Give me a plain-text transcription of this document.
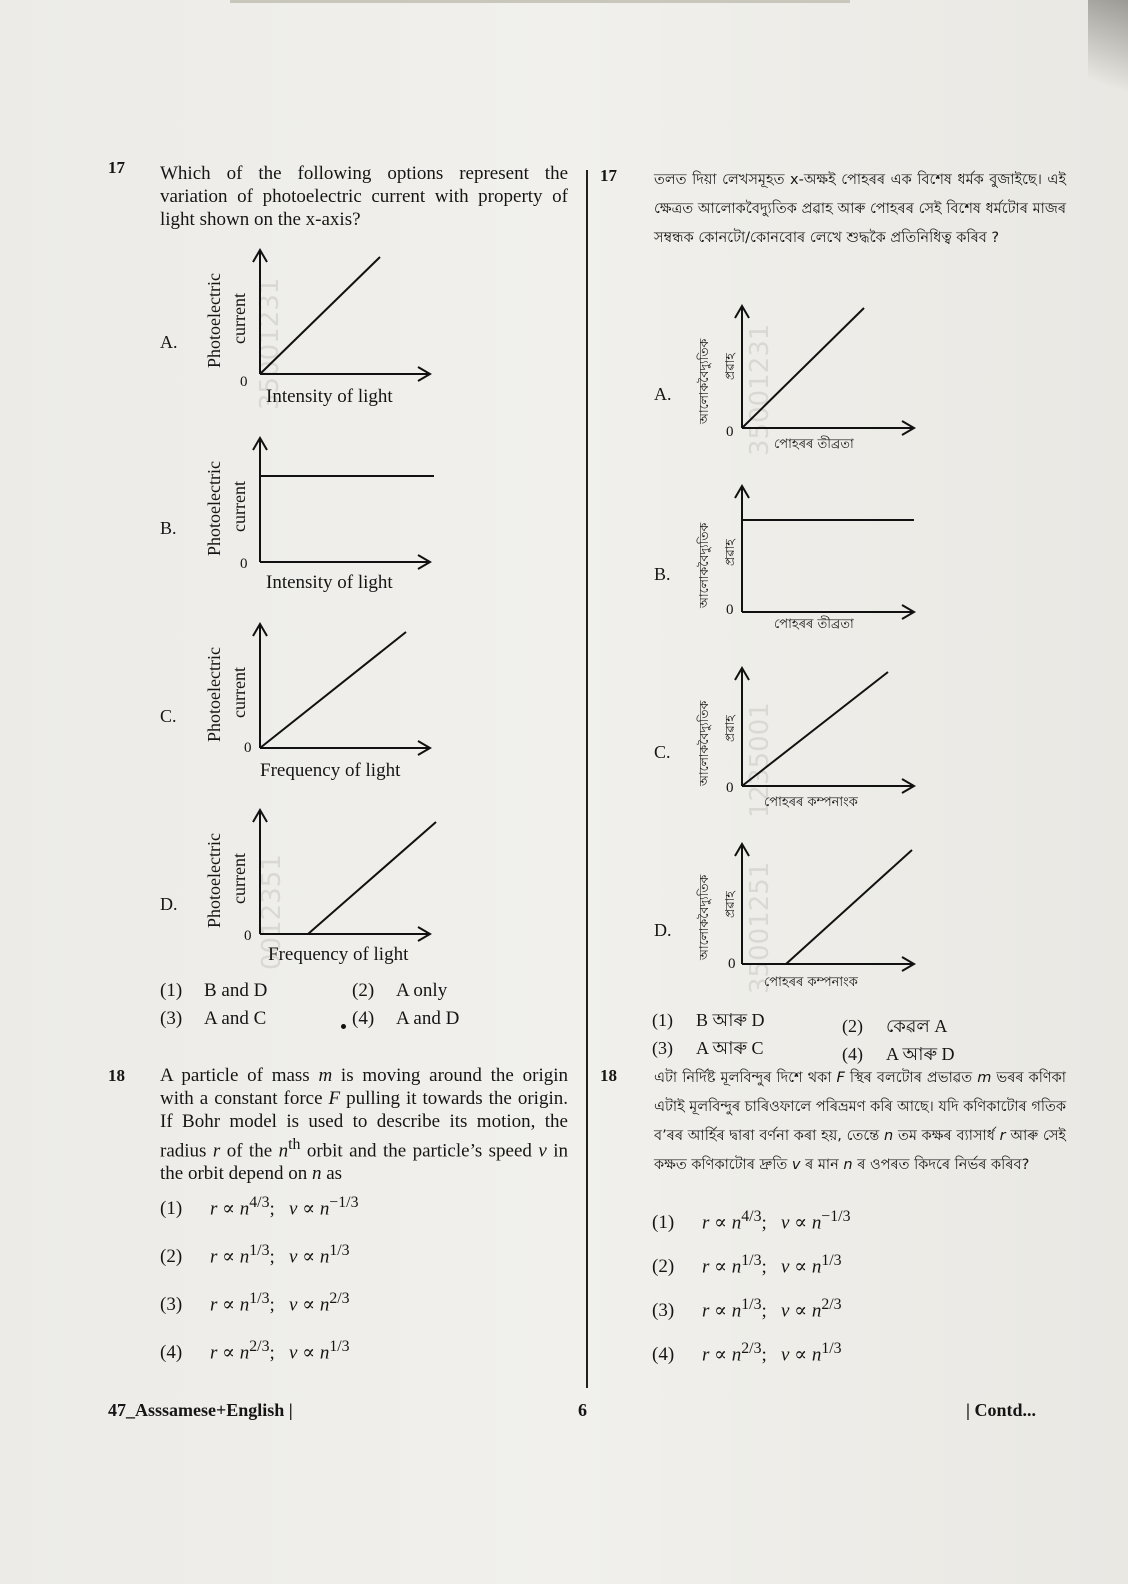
17 Which of the following options represent the variation of photoelectric current with property of light shown on the x-axis?
A.	35001231
Photoelectric current
0
Intensity of light
B. Photoelectric current
0
Intensity of light
C. Photoelectric current
0
Frequency of light
D.	0012351
Photoelectric current
0
Frequency of light
(1) B and D	(2) A only
(3) A and C	(4) A and D
18 A particle of mass m is moving around the origin with a constant force F pulling it towards the origin. If Bohr model is used to describe its motion, the radius r of the $n^{th}$ orbit and the particle’s speed v in the orbit depend on n as
(1) $r \propto n^{4/3}$;   $v \propto n^{-1/3}$
(2) $r \propto n^{1/3}$;   $v \propto n^{1/3}$
(3) $r \propto n^{1/3}$;   $v \propto n^{2/3}$
(4) $r \propto n^{2/3}$;   $v \propto n^{1/3}$
17	তলত দিয়া লেখসমূহত x-অক্ষই পোহৰৰ এক বিশেষ ধৰ্মক বুজাইছে। এই ক্ষেত্ৰত আলোকবৈদ্যুতিক প্ৰৱাহ আৰু পোহৰৰ সেই বিশেষ ধৰ্মটোৰ মাজৰ সম্বন্ধক কোনটো/কোনবোৰ লেখে শুদ্ধকৈ প্ৰতিনিধিত্ব কৰিব ?
A.	35001231
আলোকবৈদ্যুতিক প্ৰৱাহ
0
পোহৰৰ তীব্ৰতা
B. আলোকবৈদ্যুতিক প্ৰৱাহ
0
পোহৰৰ তীব্ৰতা
C.	1235001
আলোকবৈদ্যুতিক প্ৰৱাহ
0
পোহৰৰ কম্পনাংক
D.	35001251
আলোকবৈদ্যুতিক প্ৰৱাহ
0
পোহৰৰ কম্পনাংক
(1) B আৰু D	(2) কেৱল A
(3) A আৰু C	(4) A আৰু D
18	এটা নিৰ্দিষ্ট মূলবিন্দুৰ দিশে থকা F স্থিৰ বলটোৰ প্ৰভাৱত m ভৰৰ কণিকা এটাই মূলবিন্দুৰ চাৰিওফালে পৰিভ্ৰমণ কৰি আছে। যদি কণিকাটোৰ গতিক ব’ৰৰ আৰ্হিৰ দ্বাৰা বৰ্ণনা কৰা হয়, তেন্তে n তম কক্ষৰ ব্যাসাৰ্ধ r আৰু সেই কক্ষত কণিকাটোৰ দ্ৰুতি v ৰ মান n ৰ ওপৰত কিদৰে নিৰ্ভৰ কৰিব?
(1) $r \propto n^{4/3}$;   $v \propto n^{-1/3}$
(2) $r \propto n^{1/3}$;   $v \propto n^{1/3}$
(3) $r \propto n^{1/3}$;   $v \propto n^{2/3}$
(4) $r \propto n^{2/3}$;   $v \propto n^{1/3}$
47_Asssamese+English |	6	| Contd...
